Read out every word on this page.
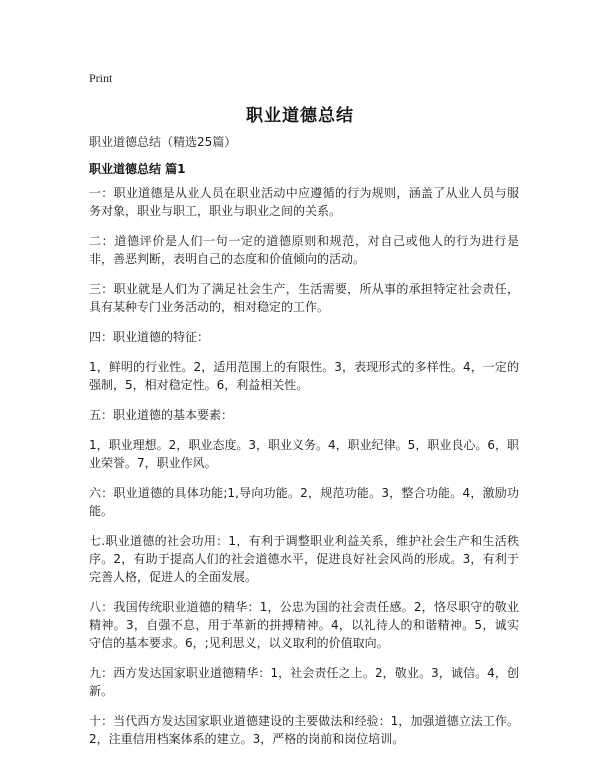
Print
职业道德总结
职业道德总结（精选25篇）
职业道德总结 篇1

一：职业道德是从业人员在职业活动中应遵循的行为规则，涵盖了从业人员与服务对象，职业与职工，职业与职业之间的关系。

二：道德评价是人们一句一定的道德原则和规范，对自己或他人的行为进行是非，善恶判断，表明自己的态度和价值倾向的活动。

三：职业就是人们为了满足社会生产，生活需要，所从事的承担特定社会责任，具有某种专门业务活动的，相对稳定的工作。

四：职业道德的特征：

1，鲜明的行业性。2，适用范围上的有限性。3，表现形式的多样性。4，一定的强制，5，相对稳定性。6，利益相关性。

五：职业道德的基本要素：

1，职业理想。2，职业态度。3，职业义务。4，职业纪律。5，职业良心。6，职业荣誉。7，职业作风。

六：职业道德的具体功能;1,导向功能。2，规范功能。3，整合功能。4，激励功能。

七.职业道德的社会功用：1，有利于调整职业利益关系，维护社会生产和生活秩序。2，有助于提高人们的社会道德水平，促进良好社会风尚的形成。3，有利于完善人格，促进人的全面发展。

八：我国传统职业道德的精华：1，公忠为国的社会责任感。2，恪尽职守的敬业精神。3，自强不息，用于革新的拼搏精神。4，以礼待人的和谐精神。5，诚实守信的基本要求。6，;见利思义，以义取利的价值取向。

九：西方发达国家职业道德精华：1，社会责任之上。2，敬业。3，诚信。4，创新。

十：当代西方发达国家职业道德建设的主要做法和经验：1，加强道德立法工作。2，注重信用档案体系的建立。3，严格的岗前和岗位培训。
